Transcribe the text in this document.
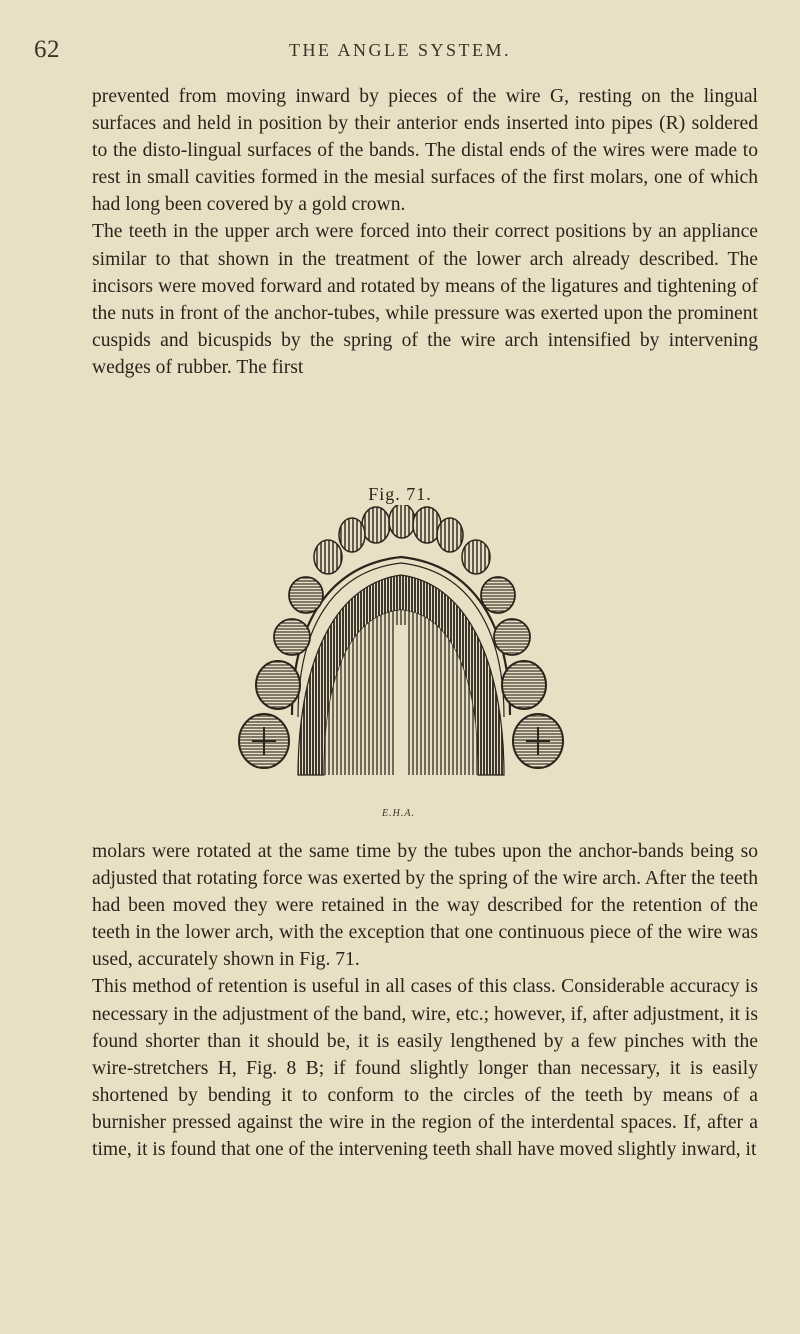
62	THE ANGLE SYSTEM.

prevented from moving inward by pieces of the wire G, resting on the lingual surfaces and held in position by their anterior ends inserted into pipes (R) soldered to the disto-lingual surfaces of the bands. The distal ends of the wires were made to rest in small cavities formed in the mesial surfaces of the first molars, one of which had long been covered by a gold crown.

The teeth in the upper arch were forced into their correct positions by an appliance similar to that shown in the treatment of the lower arch already described. The incisors were moved forward and rotated by means of the ligatures and tightening of the nuts in front of the anchor-tubes, while pressure was exerted upon the prominent cuspids and bicuspids by the spring of the wire arch intensified by intervening wedges of rubber. The first

Fig. 71.
E.H.A.

molars were rotated at the same time by the tubes upon the anchor-bands being so adjusted that rotating force was exerted by the spring of the wire arch. After the teeth had been moved they were retained in the way described for the retention of the teeth in the lower arch, with the exception that one continuous piece of the wire was used, accurately shown in Fig. 71.

This method of retention is useful in all cases of this class. Considerable accuracy is necessary in the adjustment of the band, wire, etc.; however, if, after adjustment, it is found shorter than it should be, it is easily lengthened by a few pinches with the wire-stretchers H, Fig. 8 B; if found slightly longer than necessary, it is easily shortened by bending it to conform to the circles of the teeth by means of a burnisher pressed against the wire in the region of the interdental spaces. If, after a time, it is found that one of the intervening teeth shall have moved slightly inward, it
